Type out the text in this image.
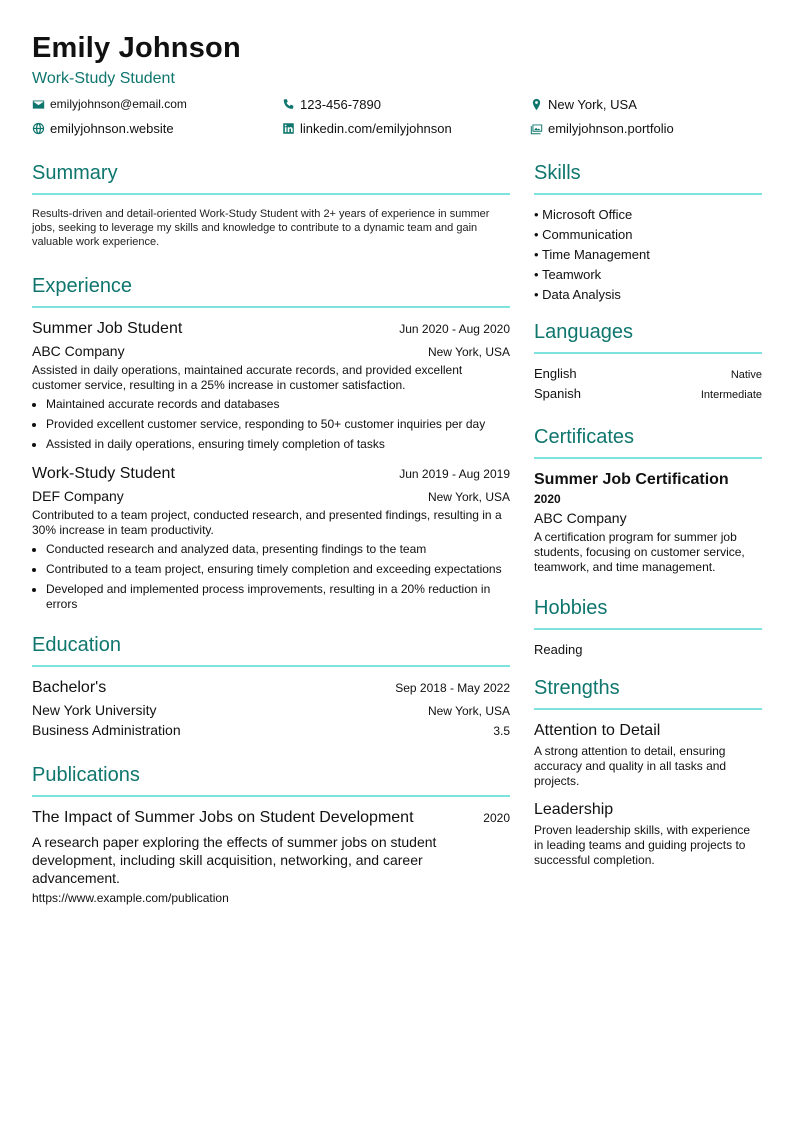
Emily Johnson
Work-Study Student
emilyjohnson@email.com	123-456-7890	New York, USA
emilyjohnson.website	linkedin.com/emilyjohnson	emilyjohnson.portfolio
Summary
Results-driven and detail-oriented Work-Study Student with 2+ years of experience in summer jobs, seeking to leverage my skills and knowledge to contribute to a dynamic team and gain valuable work experience.
Experience
Summer Job Student	Jun 2020 - Aug 2020
ABC Company	New York, USA
Assisted in daily operations, maintained accurate records, and provided excellent customer service, resulting in a 25% increase in customer satisfaction.
• Maintained accurate records and databases
• Provided excellent customer service, responding to 50+ customer inquiries per day
• Assisted in daily operations, ensuring timely completion of tasks
Work-Study Student	Jun 2019 - Aug 2019
DEF Company	New York, USA
Contributed to a team project, conducted research, and presented findings, resulting in a 30% increase in team productivity.
• Conducted research and analyzed data, presenting findings to the team
• Contributed to a team project, ensuring timely completion and exceeding expectations
• Developed and implemented process improvements, resulting in a 20% reduction in errors
Education
Bachelor's	Sep 2018 - May 2022
New York University	New York, USA
Business Administration	3.5
Publications
The Impact of Summer Jobs on Student Development	2020
A research paper exploring the effects of summer jobs on student development, including skill acquisition, networking, and career advancement.
https://www.example.com/publication
Skills
• Microsoft Office
• Communication
• Time Management
• Teamwork
• Data Analysis
Languages
English	Native
Spanish	Intermediate
Certificates
Summer Job Certification
2020
ABC Company
A certification program for summer job students, focusing on customer service, teamwork, and time management.
Hobbies
Reading
Strengths
Attention to Detail
A strong attention to detail, ensuring accuracy and quality in all tasks and projects.
Leadership
Proven leadership skills, with experience in leading teams and guiding projects to successful completion.
